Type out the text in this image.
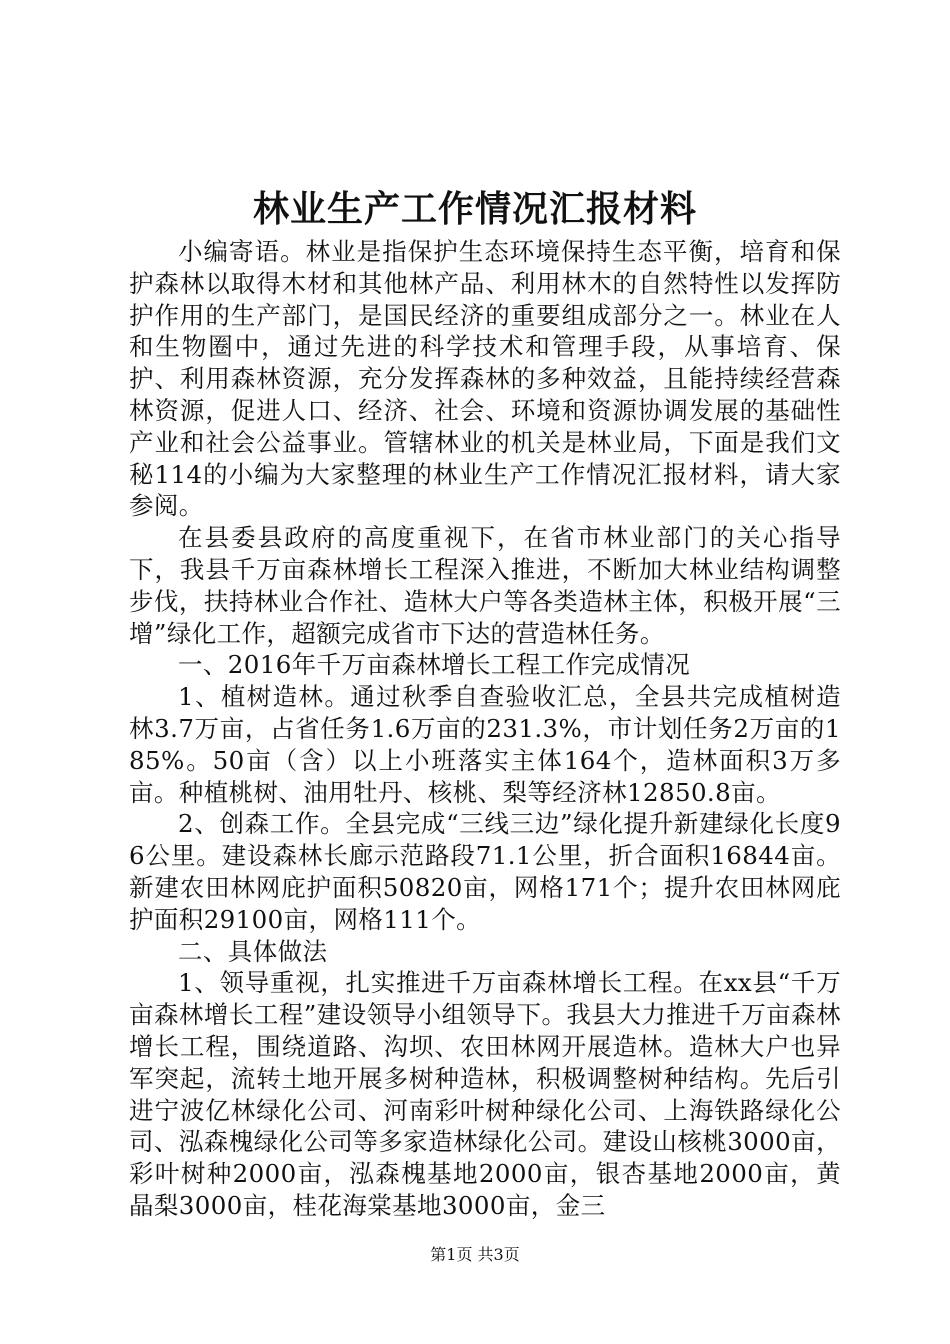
林业生产工作情况汇报材料

小编寄语。林业是指保护生态环境保持生态平衡，培育和保护森林以取得木材和其他林产品、利用林木的自然特性以发挥防护作用的生产部门，是国民经济的重要组成部分之一。林业在人和生物圈中，通过先进的科学技术和管理手段，从事培育、保护、利用森林资源，充分发挥森林的多种效益，且能持续经营森林资源，促进人口、经济、社会、环境和资源协调发展的基础性产业和社会公益事业。管辖林业的机关是林业局，下面是我们文秘114的小编为大家整理的林业生产工作情况汇报材料，请大家参阅。

在县委县政府的高度重视下，在省市林业部门的关心指导下，我县千万亩森林增长工程深入推进，不断加大林业结构调整步伐，扶持林业合作社、造林大户等各类造林主体，积极开展“三增”绿化工作，超额完成省市下达的营造林任务。

一、2016年千万亩森林增长工程工作完成情况

1、植树造林。通过秋季自查验收汇总，全县共完成植树造林3.7万亩，占省任务1.6万亩的231.3%，市计划任务2万亩的185%。50亩（含）以上小班落实主体164个，造林面积3万多亩。种植桃树、油用牡丹、核桃、梨等经济林12850.8亩。

2、创森工作。全县完成“三线三边”绿化提升新建绿化长度96公里。建设森林长廊示范路段71.1公里，折合面积16844亩。新建农田林网庇护面积50820亩，网格171个；提升农田林网庇护面积29100亩，网格111个。

二、具体做法

1、领导重视，扎实推进千万亩森林增长工程。在xx县“千万亩森林增长工程”建设领导小组领导下。我县大力推进千万亩森林增长工程，围绕道路、沟坝、农田林网开展造林。造林大户也异军突起，流转土地开展多树种造林，积极调整树种结构。先后引进宁波亿林绿化公司、河南彩叶树种绿化公司、上海铁路绿化公司、泓森槐绿化公司等多家造林绿化公司。建设山核桃3000亩，彩叶树种2000亩，泓森槐基地2000亩，银杏基地2000亩，黄晶梨3000亩，桂花海棠基地3000亩，金三

第1页 共3页
